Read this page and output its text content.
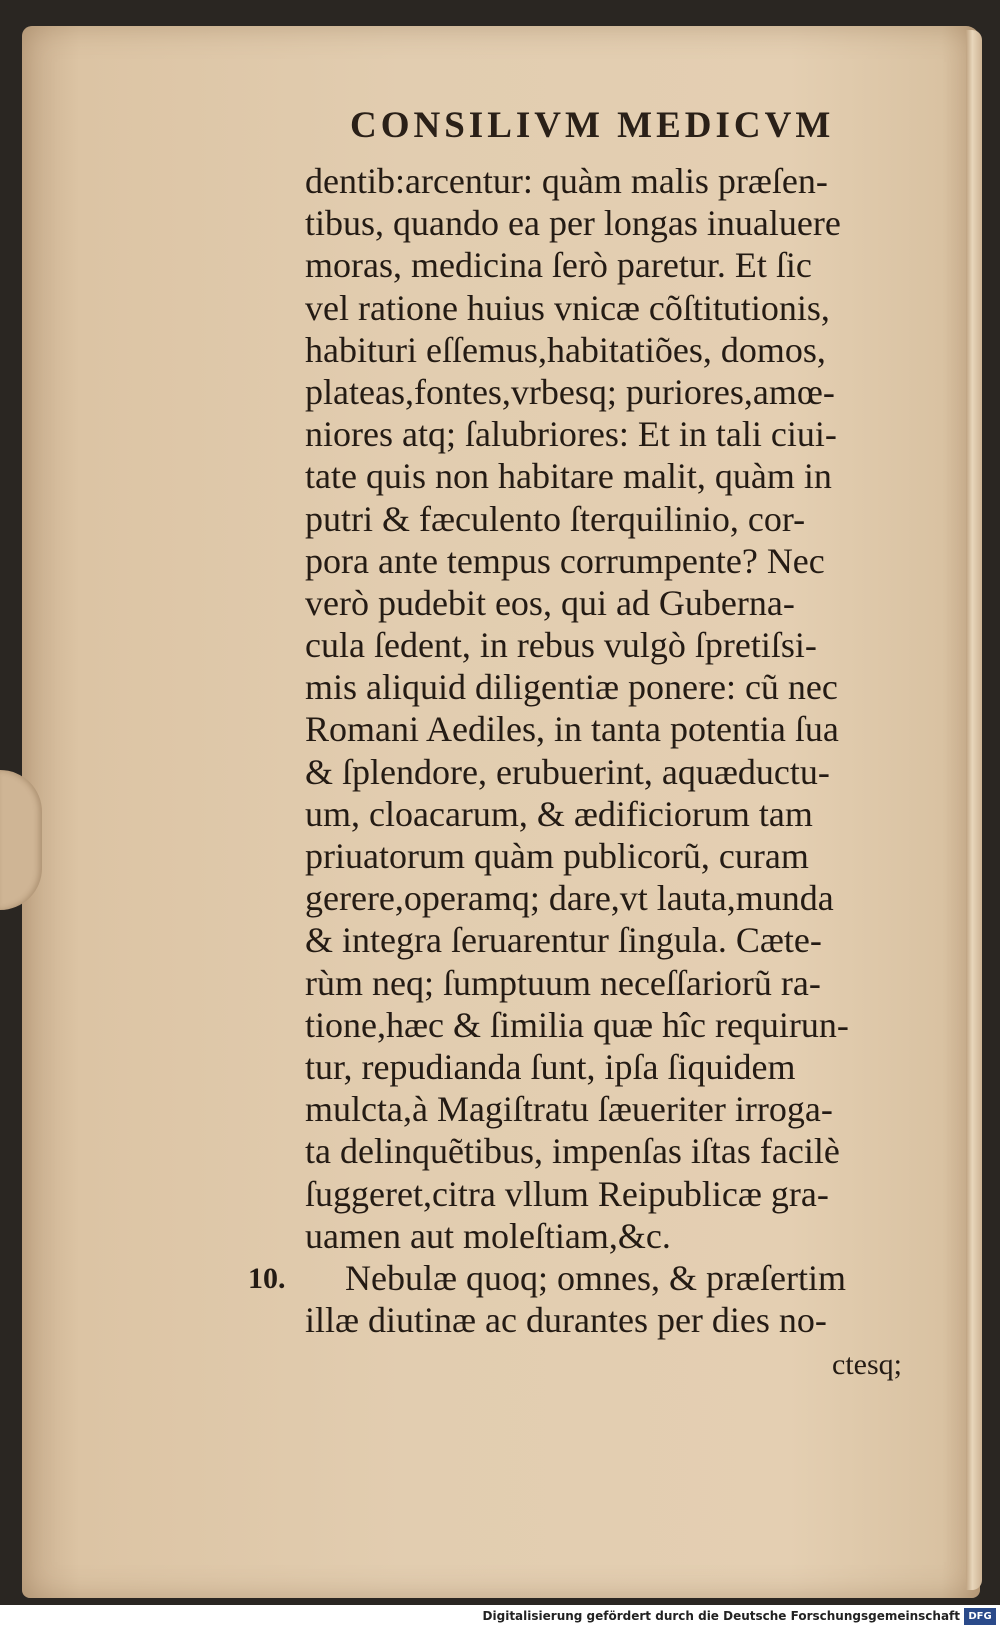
CONSILIVM MEDICVM
dentib:arcentur: quàm malis præſen-
tibus, quando ea per longas inualuere
moras, medicina ſerò paretur. Et ſic
vel ratione huius vnicæ cõſtitutionis,
habituri eſſemus,habitatiões, domos,
plateas,fontes,vrbesq; puriores,amœ-
niores atq; ſalubriores: Et in tali ciui-
tate quis non habitare malit, quàm in
putri & fæculento ſterquilinio, cor-
pora ante tempus corrumpente? Nec
verò pudebit eos, qui ad Guberna-
cula ſedent, in rebus vulgò ſpretiſsi-
mis aliquid diligentiæ ponere: cũ nec
Romani Aediles, in tanta potentia ſua
& ſplendore, erubuerint, aquæductu-
um, cloacarum, & ædificiorum tam
priuatorum quàm publicorũ, curam
gerere,operamq; dare,vt lauta,munda
& integra ſeruarentur ſingula. Cæte-
rùm neq; ſumptuum neceſſariorũ ra-
tione,hæc & ſimilia quæ hîc requirun-
tur, repudianda ſunt, ipſa ſiquidem
mulcta,à Magiſtratu ſæueriter irroga-
ta delinquẽtibus, impenſas iſtas facilè
ſuggeret,citra vllum Reipublicæ gra-
uamen aut moleſtiam,&c.
Nebulæ quoq; omnes, & præſertim
illæ diutinæ ac durantes per dies no-
10.
ctesq;
Digitalisierung gefördert durch die Deutsche Forschungsgemeinschaft DFG
